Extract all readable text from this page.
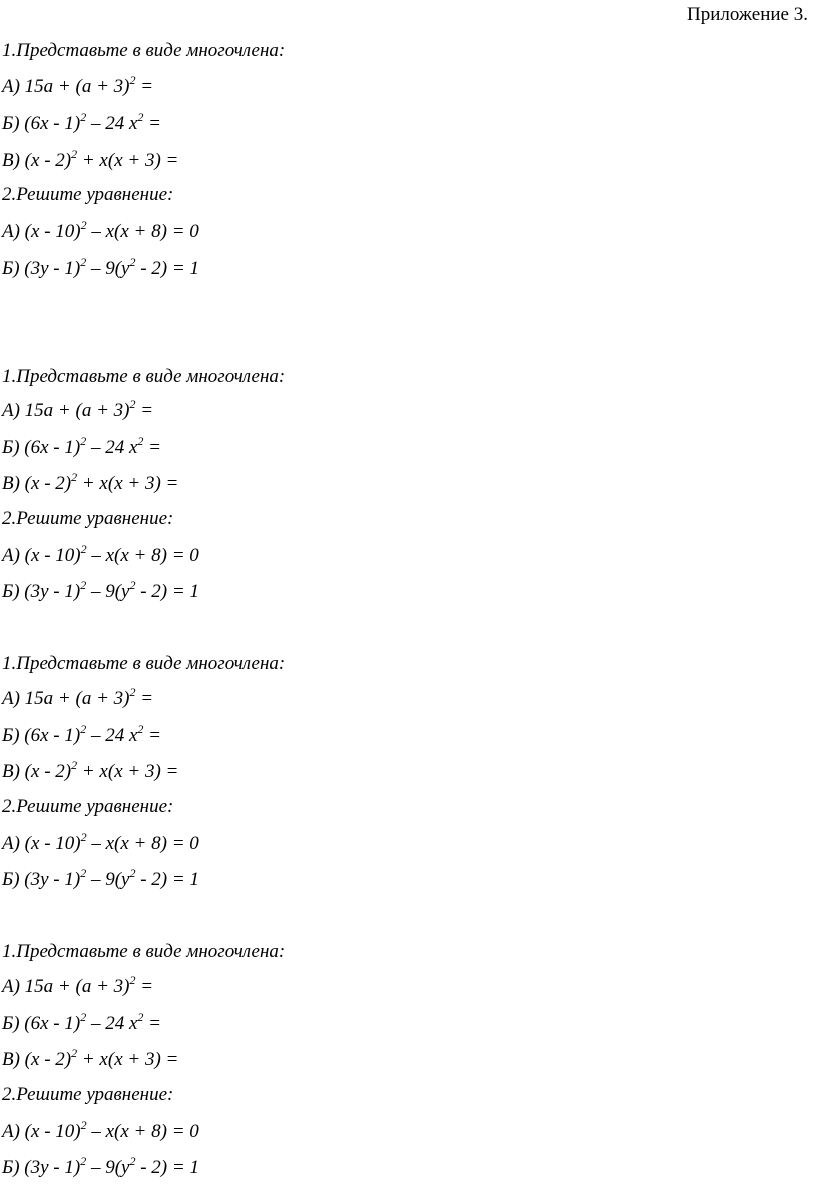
Приложение 3.
1.Представьте в виде многочлена:
А) $15a + (a + 3)^2$ =
Б) (6x - 1)$^2$ – 24 $x^2$ =
В) (x - 2)$^2$ + x(x + 3) =
2.Решите уравнение:
А) (x - 10)$^2$ – x(x + 8) = 0
Б) $(3y - 1)^2 - 9(y^2 - 2) = 1$
1.Представьте в виде многочлена:
А) $15a + (a + 3)^2$ =
Б) (6x - 1)$^2$ – 24 $x^2$ =
В) (x - 2)$^2$ + x(x + 3) =
2.Решите уравнение:
А) (x - 10)$^2$ – x(x + 8) = 0
Б) $(3y - 1)^2 - 9(y^2 - 2) = 1$
1.Представьте в виде многочлена:
А) $15a + (a + 3)^2$ =
Б) (6x - 1)$^2$ – 24 $x^2$ =
В) (x - 2)$^2$ + x(x + 3) =
2.Решите уравнение:
А) (x - 10)$^2$ – x(x + 8) = 0
Б) $(3y - 1)^2 - 9(y^2 - 2) = 1$
1.Представьте в виде многочлена:
А) $15a + (a + 3)^2$ =
Б) (6x - 1)$^2$ – 24 $x^2$ =
В) (x - 2)$^2$ + x(x + 3) =
2.Решите уравнение:
А) (x - 10)$^2$ – x(x + 8) = 0
Б) $(3y - 1)^2 - 9(y^2 - 2) = 1$
